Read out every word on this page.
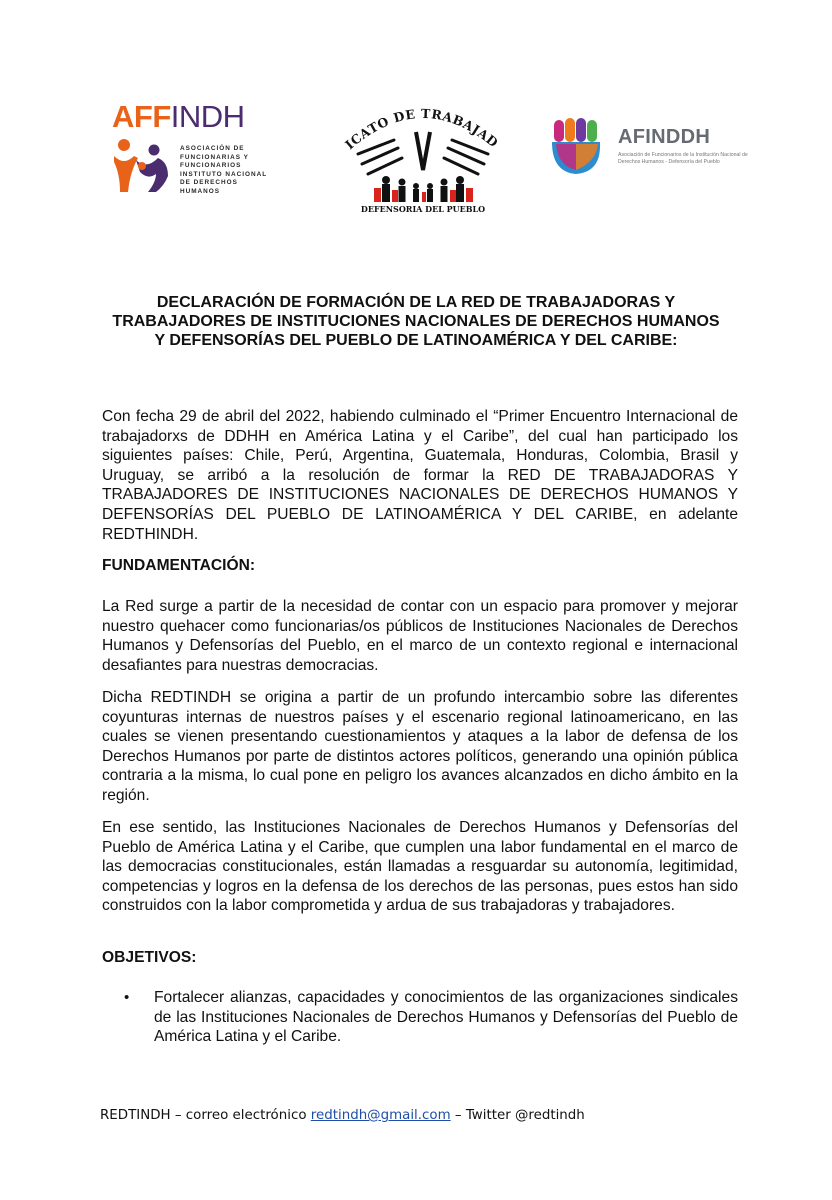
AFFINDH
ASOCIACIÓN DE FUNCIONARIAS Y FUNCIONARIOS INSTITUTO NACIONAL DE DERECHOS HUMANOS
ICATO DE TRABAJAD
DEFENSORIA DEL PUEBLO
AFINDDH
Asociación de Funcionarios de la Institución Nacional de Derechos Humanos - Defensoría del Pueblo
DECLARACIÓN DE FORMACIÓN DE LA RED DE TRABAJADORAS Y
TRABAJADORES DE INSTITUCIONES NACIONALES DE DERECHOS HUMANOS
Y DEFENSORÍAS DEL PUEBLO DE LATINOAMÉRICA Y DEL CARIBE:
Con fecha 29 de abril del 2022, habiendo culminado el “Primer Encuentro Internacional de trabajadorxs de DDHH en América Latina y el Caribe”, del cual han participado los siguientes países: Chile, Perú, Argentina, Guatemala, Honduras, Colombia, Brasil y Uruguay, se arribó a la resolución de formar la RED DE TRABAJADORAS Y TRABAJADORES DE INSTITUCIONES NACIONALES DE DERECHOS HUMANOS Y DEFENSORÍAS DEL PUEBLO DE LATINOAMÉRICA Y DEL CARIBE, en adelante REDTHINDH.
FUNDAMENTACIÓN:
La Red surge a partir de la necesidad de contar con un espacio para promover y mejorar nuestro quehacer como funcionarias/os públicos de Instituciones Nacionales de Derechos Humanos y Defensorías del Pueblo, en el marco de un contexto regional e internacional desafiantes para nuestras democracias.
Dicha REDTINDH se origina a partir de un profundo intercambio sobre las diferentes coyunturas internas de nuestros países y el escenario regional latinoamericano, en las cuales se vienen presentando cuestionamientos y ataques a la labor de defensa de los Derechos Humanos por parte de distintos actores políticos, generando una opinión pública contraria a la misma, lo cual pone en peligro los avances alcanzados en dicho ámbito en la región.
En ese sentido, las Instituciones Nacionales de Derechos Humanos y Defensorías del Pueblo de América Latina y el Caribe, que cumplen una labor fundamental en el marco de las democracias constitucionales, están llamadas a resguardar su autonomía, legitimidad, competencias y logros en la defensa de los derechos de las personas, pues estos han sido construidos con la labor comprometida y ardua de sus trabajadoras y trabajadores.
OBJETIVOS:
• Fortalecer alianzas, capacidades y conocimientos de las organizaciones sindicales de las Instituciones Nacionales de Derechos Humanos y Defensorías del Pueblo de América Latina y el Caribe.
REDTINDH – correo electrónico redtindh@gmail.com – Twitter @redtindh
